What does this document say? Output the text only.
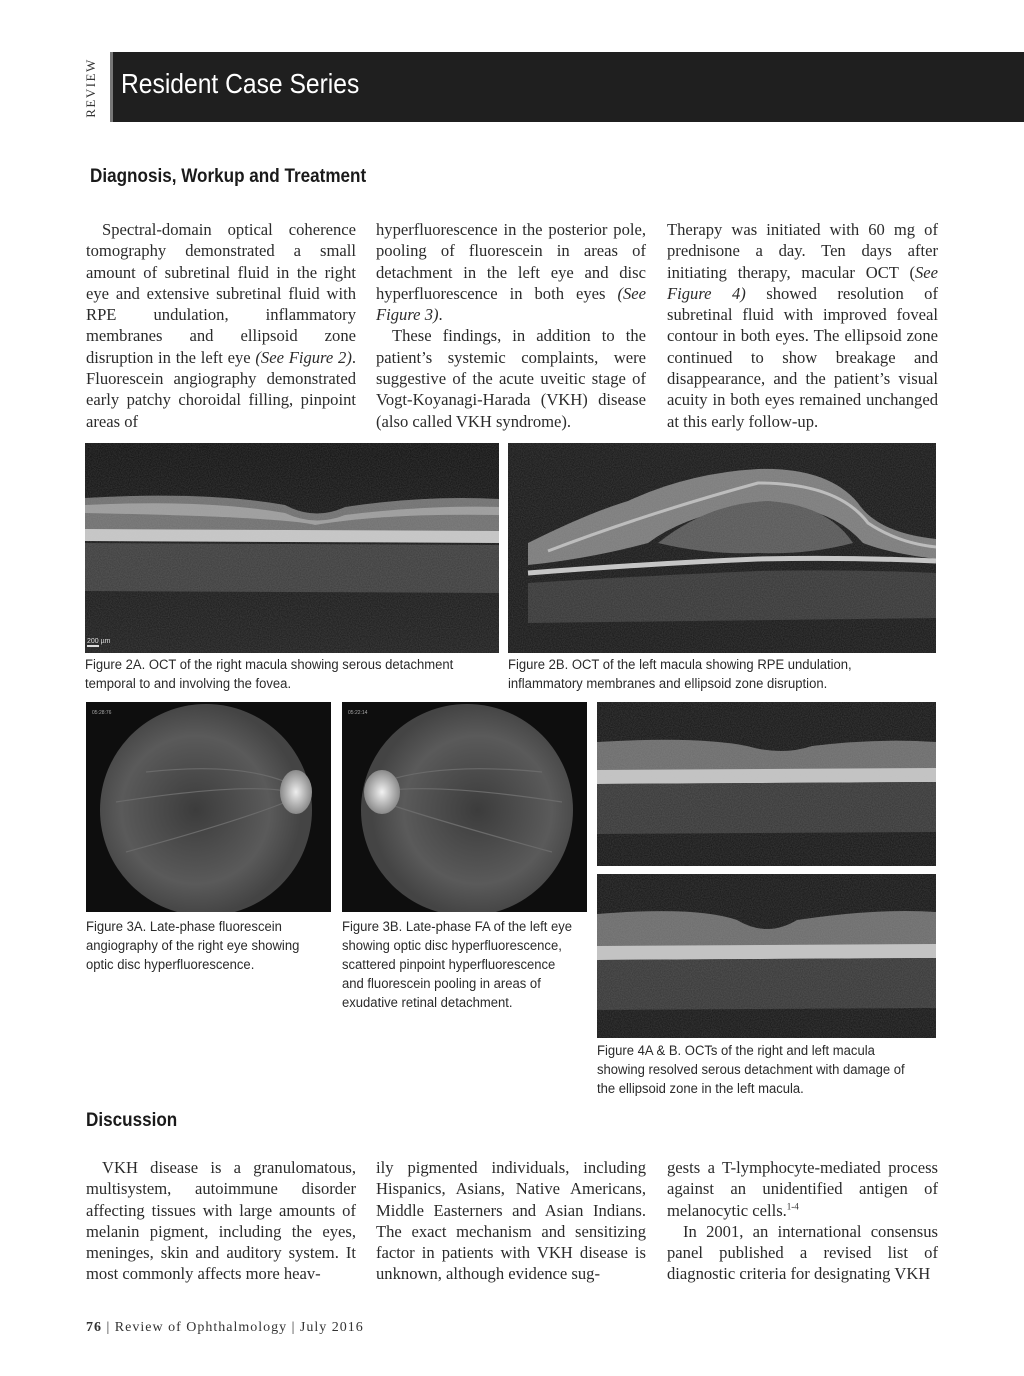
REVIEW Resident Case Series
Diagnosis, Workup and Treatment

Spectral-domain optical coherence tomography demonstrated a small amount of subretinal fluid in the right eye and extensive subretinal fluid with RPE undulation, inflammatory membranes and ellipsoid zone disruption in the left eye (See Figure 2). Fluorescein angiography demonstrated early patchy choroidal filling, pinpoint areas of

hyperfluorescence in the posterior pole, pooling of fluorescein in areas of detachment in the left eye and disc hyperfluorescence in both eyes (See Figure 3).

These findings, in addition to the patient’s systemic complaints, were suggestive of the acute uveitic stage of Vogt-Koyanagi-Harada (VKH) disease (also called VKH syndrome).

Therapy was initiated with 60 mg of prednisone a day. Ten days after initiating therapy, macular OCT (See Figure 4) showed resolution of subretinal fluid with improved foveal contour in both eyes. The ellipsoid zone continued to show breakage and disappearance, and the patient’s visual acuity in both eyes remained unchanged at this early follow-up.

200 µm
Figure 2A. OCT of the right macula showing serous detachment temporal to and involving the fovea.
Figure 2B. OCT of the left macula showing RPE undulation, inflammatory membranes and ellipsoid zone disruption.
05:28:76
Figure 3A. Late-phase fluorescein angiography of the right eye showing optic disc hyperfluorescence.
05:22:14
Figure 3B. Late-phase FA of the left eye showing optic disc hyperfluorescence, scattered pinpoint hyperfluorescence and fluorescein pooling in areas of exudative retinal detachment.
Figure 4A & B. OCTs of the right and left macula showing resolved serous detachment with damage of the ellipsoid zone in the left macula.
Discussion

VKH disease is a granulomatous, multisystem, autoimmune disorder affecting tissues with large amounts of melanin pigment, including the eyes, meninges, skin and auditory system. It most commonly affects more heav-

ily pigmented individuals, including Hispanics, Asians, Native Americans, Middle Easterners and Asian Indians. The exact mechanism and sensitizing factor in patients with VKH disease is unknown, although evidence sug-

gests a T-lymphocyte-mediated process against an unidentified antigen of melanocytic cells.$^{1-4}$

In 2001, an international consensus panel published a revised list of diagnostic criteria for designating VKH

76 | Review of Ophthalmology | July 2016
